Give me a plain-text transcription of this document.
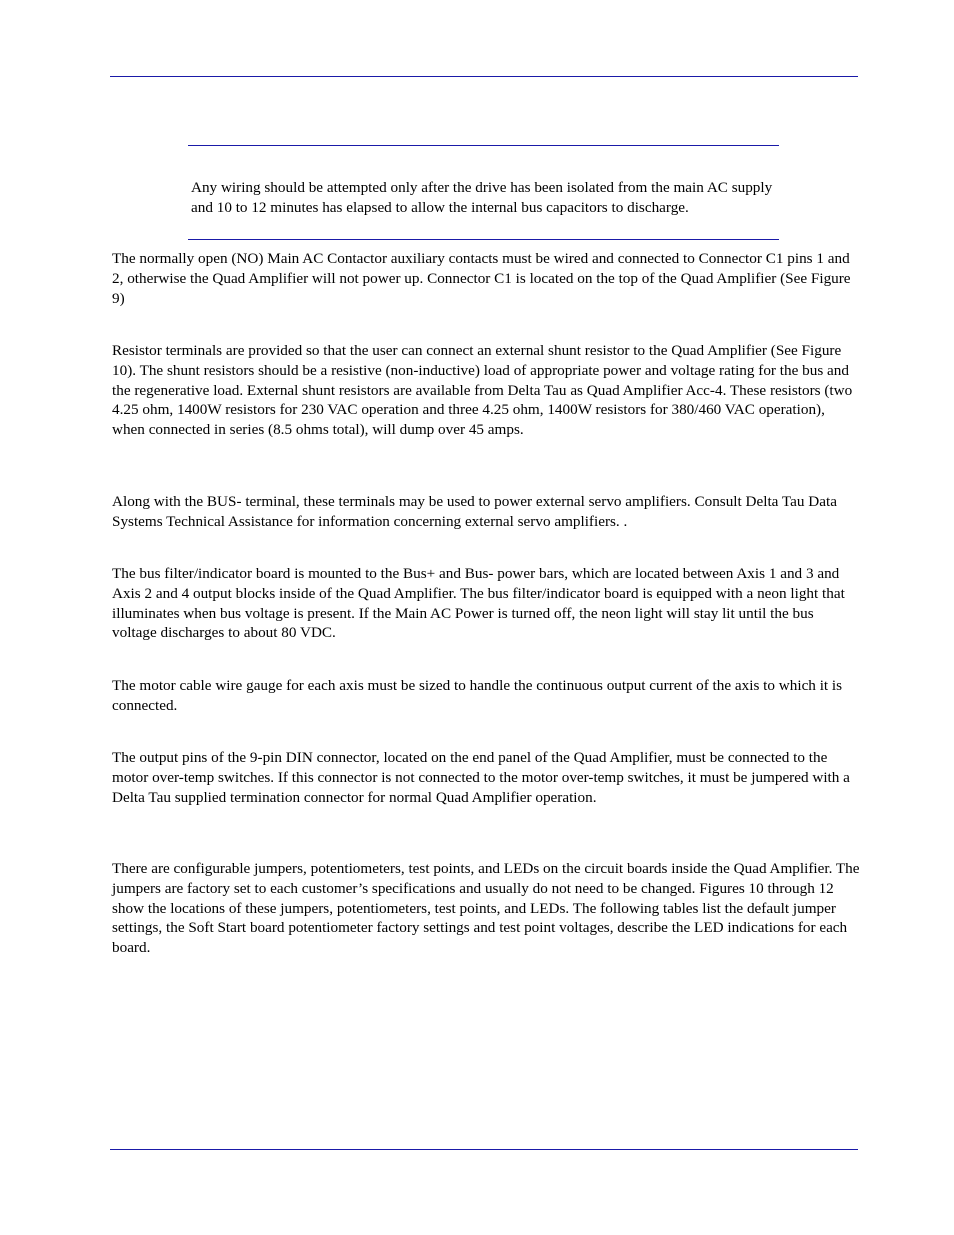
Any wiring should be attempted only after the drive has been isolated from the main AC supply and 10 to 12 minutes has elapsed to allow the internal bus capacitors to discharge.
The normally open (NO) Main AC Contactor auxiliary contacts must be wired and connected to Connector C1 pins 1 and 2, otherwise the Quad Amplifier will not power up. Connector C1 is located on the top of the Quad Amplifier (See Figure 9)
Resistor terminals are provided so that the user can connect an external shunt resistor to the Quad Amplifier (See Figure 10). The shunt resistors should be a resistive (non-inductive) load of appropriate power and voltage rating for the bus and the regenerative load. External shunt resistors are available from Delta Tau as Quad Amplifier Acc-4. These resistors (two 4.25 ohm, 1400W resistors for 230 VAC operation and three 4.25 ohm, 1400W resistors for 380/460 VAC operation), when connected in series (8.5 ohms total), will dump over 45 amps.
Along with the BUS- terminal, these terminals may be used to power external servo amplifiers. Consult Delta Tau Data Systems Technical Assistance for information concerning external servo amplifiers. .
The bus filter/indicator board is mounted to the Bus+ and Bus- power bars, which are located between Axis 1 and 3 and Axis 2 and 4 output blocks inside of the Quad Amplifier. The bus filter/indicator board is equipped with a neon light that illuminates when bus voltage is present. If the Main AC Power is turned off, the neon light will stay lit until the bus voltage discharges to about 80 VDC.
The motor cable wire gauge for each axis must be sized to handle the continuous output current of the axis to which it is connected.
The output pins of the 9-pin DIN connector, located on the end panel of the Quad Amplifier, must be connected to the motor over-temp switches. If this connector is not connected to the motor over-temp switches, it must be jumpered with a Delta Tau supplied termination connector for normal Quad Amplifier operation.
There are configurable jumpers, potentiometers, test points, and LEDs on the circuit boards inside the Quad Amplifier. The jumpers are factory set to each customer’s specifications and usually do not need to be changed. Figures 10 through 12 show the locations of these jumpers, potentiometers, test points, and LEDs. The following tables list the default jumper settings, the Soft Start board potentiometer factory settings and test point voltages, describe the LED indications for each board.
